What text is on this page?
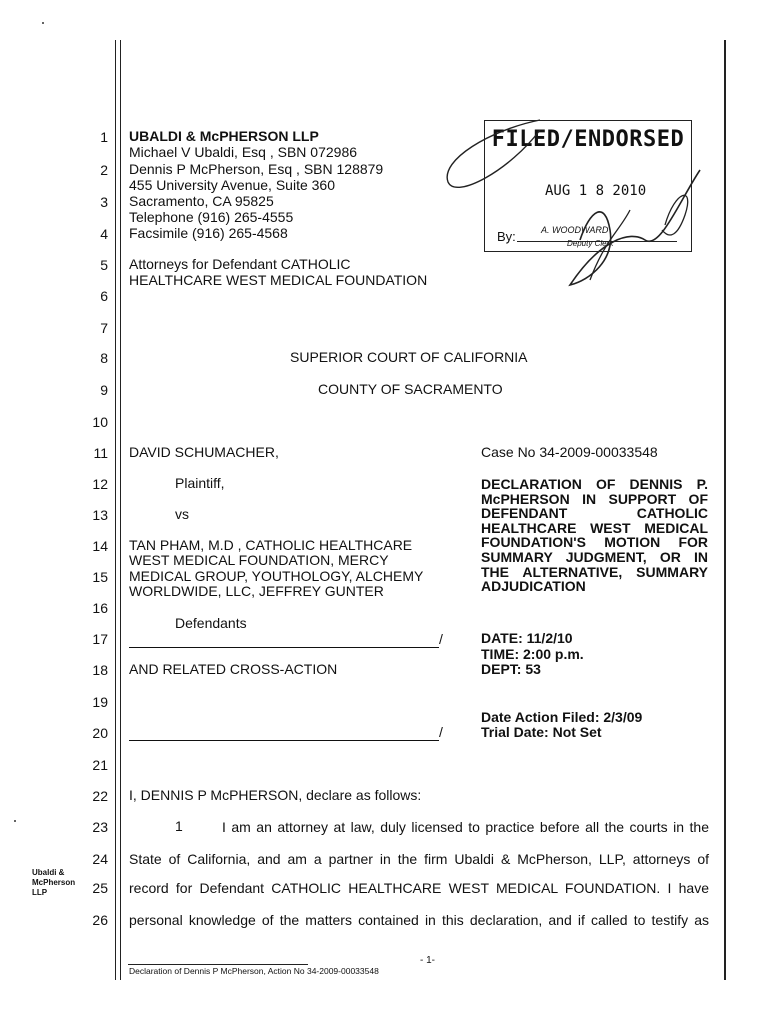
1
2
3
4
5
6
7
8
9
10
11
12
13
14
15
16
17
18
19
20
21
22
23
24
25
26
UBALDI & McPHERSON LLP
Michael V Ubaldi, Esq , SBN 072986
Dennis P McPherson, Esq , SBN 128879
455 University Avenue, Suite 360
Sacramento, CA 95825
Telephone (916) 265-4555
Facsimile (916) 265-4568
Attorneys for Defendant CATHOLIC
HEALTHCARE WEST MEDICAL FOUNDATION
FILED/ENDORSED
AUG 1 8 2010
By:	A. WOODWARD
Deputy Clerk
SUPERIOR COURT OF CALIFORNIA
COUNTY OF SACRAMENTO
DAVID SCHUMACHER,
Plaintiff,
vs
TAN PHAM, M.D , CATHOLIC HEALTHCARE
WEST MEDICAL FOUNDATION, MERCY
MEDICAL GROUP, YOUTHOLOGY, ALCHEMY
WORLDWIDE, LLC, JEFFREY GUNTER
Defendants
/
AND RELATED CROSS-ACTION
/
Case No 34-2009-00033548
DECLARATION OF DENNIS P. McPHERSON IN SUPPORT OF DEFENDANT CATHOLIC HEALTHCARE WEST MEDICAL FOUNDATION'S MOTION FOR SUMMARY JUDGMENT, OR IN THE ALTERNATIVE, SUMMARY ADJUDICATION
DATE: 11/2/10
TIME: 2:00 p.m.
DEPT: 53
Date Action Filed: 2/3/09
Trial Date: Not Set
I, DENNIS P McPHERSON, declare as follows:
1	I am an attorney at law, duly licensed to practice before all the courts in the
State of California, and am a partner in the firm Ubaldi & McPherson, LLP, attorneys of
record for Defendant CATHOLIC HEALTHCARE WEST MEDICAL FOUNDATION. I have
personal knowledge of the matters contained in this declaration, and if called to testify as
Ubaldi &
McPherson
LLP
- 1-
Declaration of Dennis P McPherson, Action No 34-2009-00033548
